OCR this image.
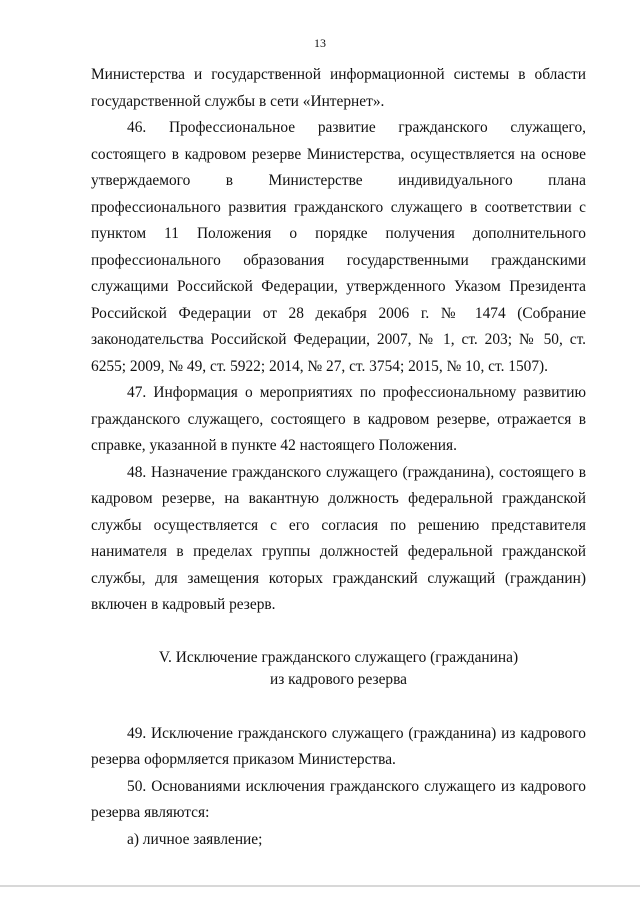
13

Министерства и государственной информационной системы в области государственной службы в сети «Интернет».

46. Профессиональное развитие гражданского служащего, состоящего в кадровом резерве Министерства, осуществляется на основе утверждаемого в Министерстве индивидуального плана профессионального развития гражданского служащего в соответствии с пунктом 11 Положения о порядке получения дополнительного профессионального образования государственными гражданскими служащими Российской Федерации, утвержденного Указом Президента Российской Федерации от 28 декабря 2006 г. № 1474 (Собрание законодательства Российской Федерации, 2007, № 1, ст. 203; № 50, ст. 6255; 2009, № 49, ст. 5922; 2014, № 27, ст. 3754; 2015, № 10, ст. 1507).

47. Информация о мероприятиях по профессиональному развитию гражданского служащего, состоящего в кадровом резерве, отражается в справке, указанной в пункте 42 настоящего Положения.

48. Назначение гражданского служащего (гражданина), состоящего в кадровом резерве, на вакантную должность федеральной гражданской службы осуществляется с его согласия по решению представителя нанимателя в пределах группы должностей федеральной гражданской службы, для замещения которых гражданский служащий (гражданин) включен в кадровый резерв.

V. Исключение гражданского служащего (гражданина)
из кадрового резерва

49. Исключение гражданского служащего (гражданина) из кадрового резерва оформляется приказом Министерства.

50. Основаниями исключения гражданского служащего из кадрового резерва являются:

а) личное заявление;
